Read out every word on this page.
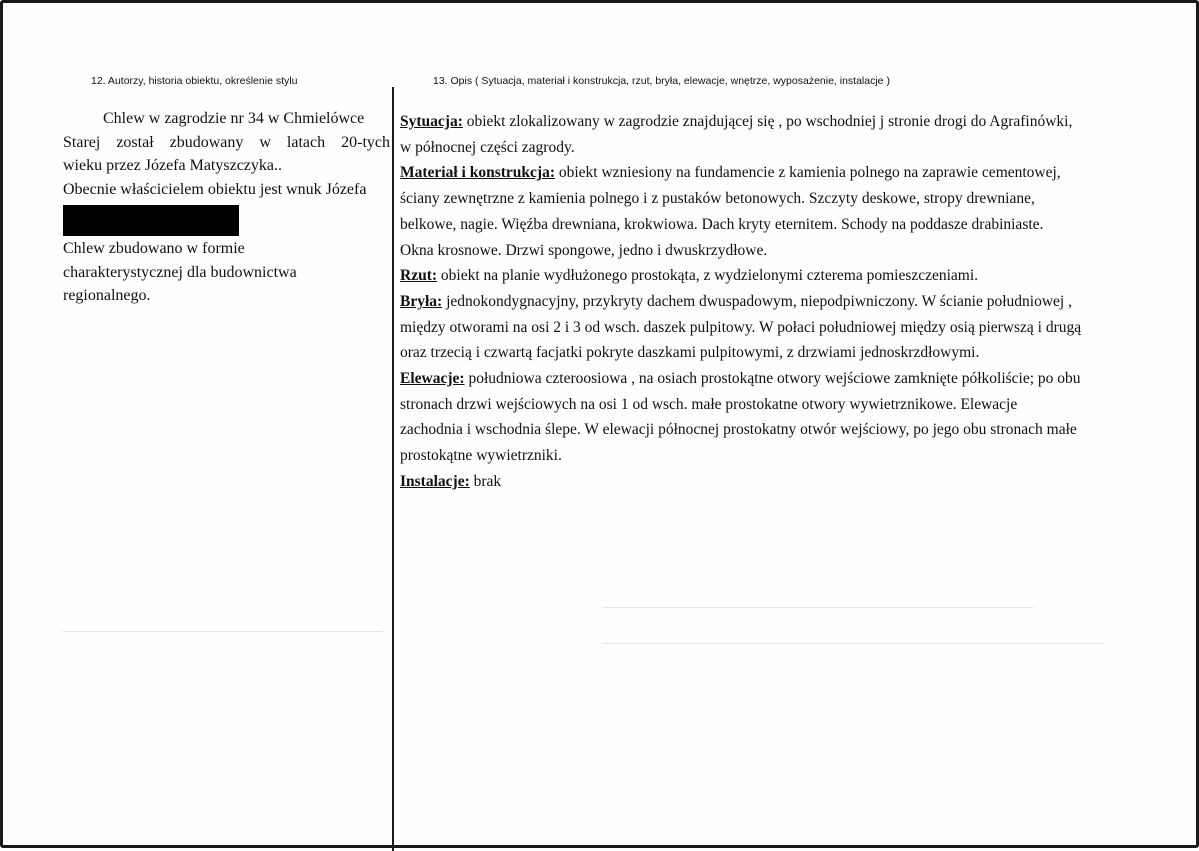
12. Autorzy, historia obiektu, określenie stylu	13. Opis ( Sytuacja, materiał i konstrukcja, rzut, bryła, elewacje, wnętrze, wyposażenie, instalacje )
Chlew w zagrodzie nr 34 w Chmielówce
Starej został zbudowany w latach 20-tych
wieku przez Józefa Matyszczyka..
Obecnie właścicielem obiektu jest wnuk Józefa
Chlew zbudowano w formie
charakterystycznej dla budownictwa
regionalnego.
Sytuacja: obiekt zlokalizowany w zagrodzie znajdującej się , po wschodniej j stronie drogi do Agrafinówki,
w północnej części zagrody.
Materiał i konstrukcja: obiekt wzniesiony na fundamencie z kamienia polnego na zaprawie cementowej,
ściany zewnętrzne z kamienia polnego i z pustaków betonowych. Szczyty deskowe, stropy drewniane,
belkowe, nagie. Więźba drewniana, krokwiowa. Dach kryty eternitem. Schody na poddasze drabiniaste.
Okna krosnowe. Drzwi spongowe, jedno i dwuskrzydłowe.
Rzut: obiekt na planie wydłużonego prostokąta, z wydzielonymi czterema pomieszczeniami.
Bryła: jednokondygnacyjny, przykryty dachem dwuspadowym, niepodpiwniczony. W ścianie południowej ,
między otworami na osi 2 i 3 od wsch. daszek pulpitowy. W połaci południowej między osią pierwszą i drugą
oraz trzecią i czwartą facjatki pokryte daszkami pulpitowymi, z drzwiami jednoskrzdłowymi.
Elewacje: południowa czteroosiowa , na osiach prostokątne otwory wejściowe zamknięte półkoliście; po obu
stronach drzwi wejściowych na osi 1 od wsch. małe prostokatne otwory wywietrznikowe. Elewacje
zachodnia i wschodnia ślepe. W elewacji północnej prostokatny otwór wejściowy, po jego obu stronach małe
prostokątne wywietrzniki.
Instalacje: brak
